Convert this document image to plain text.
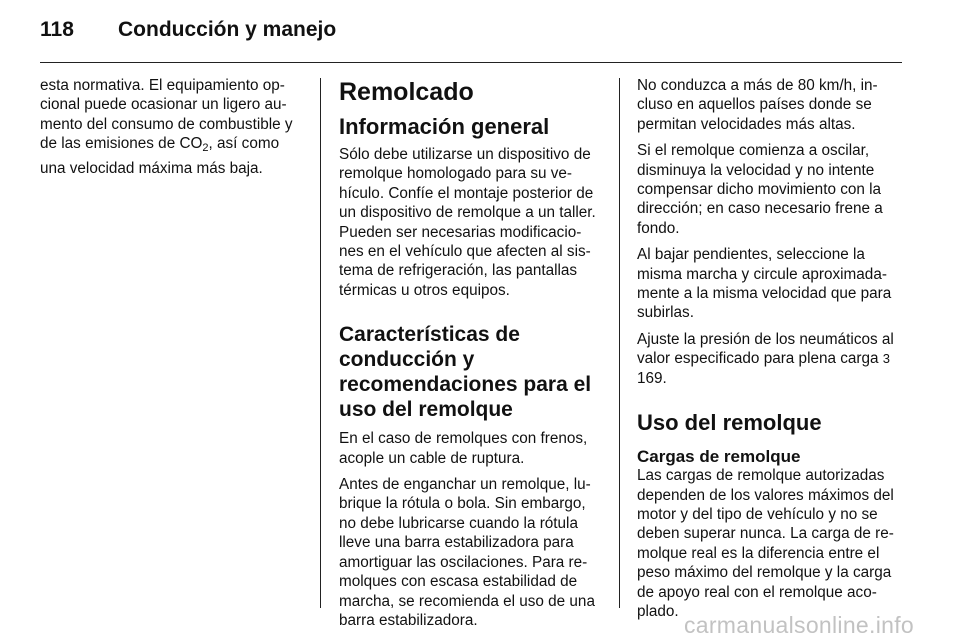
118 Conducción y manejo

esta normativa. El equipamiento op-cional puede ocasionar un ligero au-mento del consumo de combustible y de las emisiones de $CO_2$, así como una velocidad máxima más baja.

Remolcado
Información general

Sólo debe utilizarse un dispositivo de remolque homologado para su ve-hículo. Confíe el montaje posterior de un dispositivo de remolque a un taller. Pueden ser necesarias modificacio-nes en el vehículo que afecten al sis-tema de refrigeración, las pantallas térmicas u otros equipos.

Características de conducción y recomendaciones para el uso del remolque

En el caso de remolques con frenos, acople un cable de ruptura.

Antes de enganchar un remolque, lu-brique la rótula o bola. Sin embargo, no debe lubricarse cuando la rótula lleve una barra estabilizadora para amortiguar las oscilaciones. Para re-molques con escasa estabilidad de marcha, se recomienda el uso de una barra estabilizadora.

No conduzca a más de 80 km/h, in-cluso en aquellos países donde se permitan velocidades más altas.

Si el remolque comienza a oscilar, disminuya la velocidad y no intente compensar dicho movimiento con la dirección; en caso necesario frene a fondo.

Al bajar pendientes, seleccione la misma marcha y circule aproximada-mente a la misma velocidad que para subirlas.

Ajuste la presión de los neumáticos al valor especificado para plena carga 3 169.

Uso del remolque
Cargas de remolque

Las cargas de remolque autorizadas dependen de los valores máximos del motor y del tipo de vehículo y no se deben superar nunca. La carga de re-molque real es la diferencia entre el peso máximo del remolque y la carga de apoyo real con el remolque aco-plado.

carmanualsonline.info
